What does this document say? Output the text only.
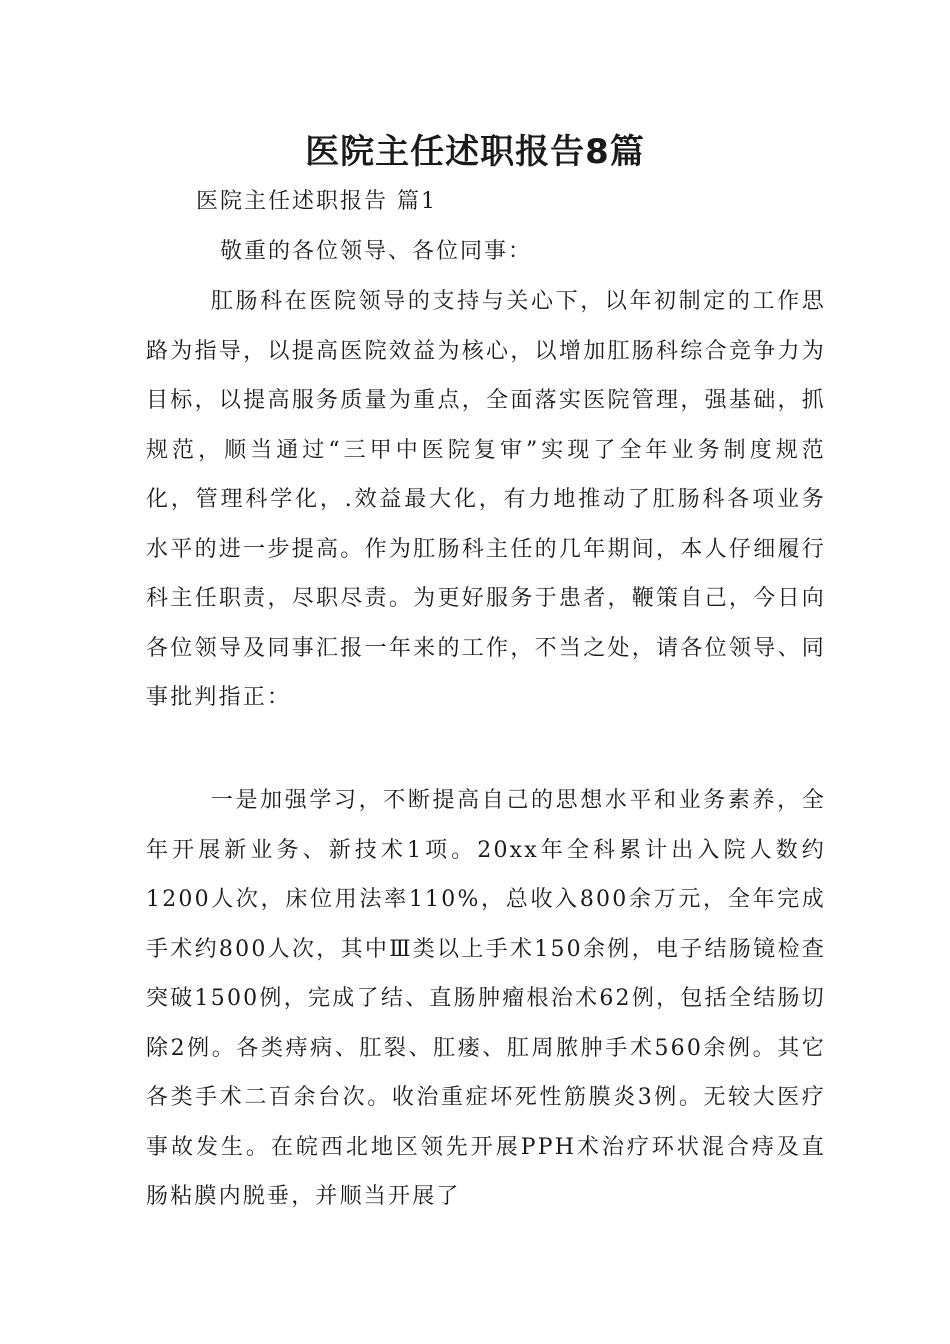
医院主任述职报告8篇

医院主任述职报告 篇1

敬重的各位领导、各位同事：

肛肠科在医院领导的支持与关心下，以年初制定的工作思路为指导，以提高医院效益为核心，以增加肛肠科综合竞争力为目标，以提高服务质量为重点，全面落实医院管理，强基础，抓规范，顺当通过“三甲中医院复审”实现了全年业务制度规范化，管理科学化，.效益最大化，有力地推动了肛肠科各项业务水平的进一步提高。作为肛肠科主任的几年期间，本人仔细履行科主任职责，尽职尽责。为更好服务于患者，鞭策自己，今日向各位领导及同事汇报一年来的工作，不当之处，请各位领导、同事批判指正：

一是加强学习，不断提高自己的思想水平和业务素养，全年开展新业务、新技术1项。20xx年全科累计出入院人数约1200人次，床位用法率110%，总收入800余万元，全年完成手术约800人次，其中Ⅲ类以上手术150余例，电子结肠镜检查突破1500例，完成了结、直肠肿瘤根治术62例，包括全结肠切除2例。各类痔病、肛裂、肛瘘、肛周脓肿手术560余例。其它各类手术二百余台次。收治重症坏死性筋膜炎3例。无较大医疗事故发生。在皖西北地区领先开展PPH术治疗环状混合痔及直肠粘膜内脱垂，并顺当开展了
